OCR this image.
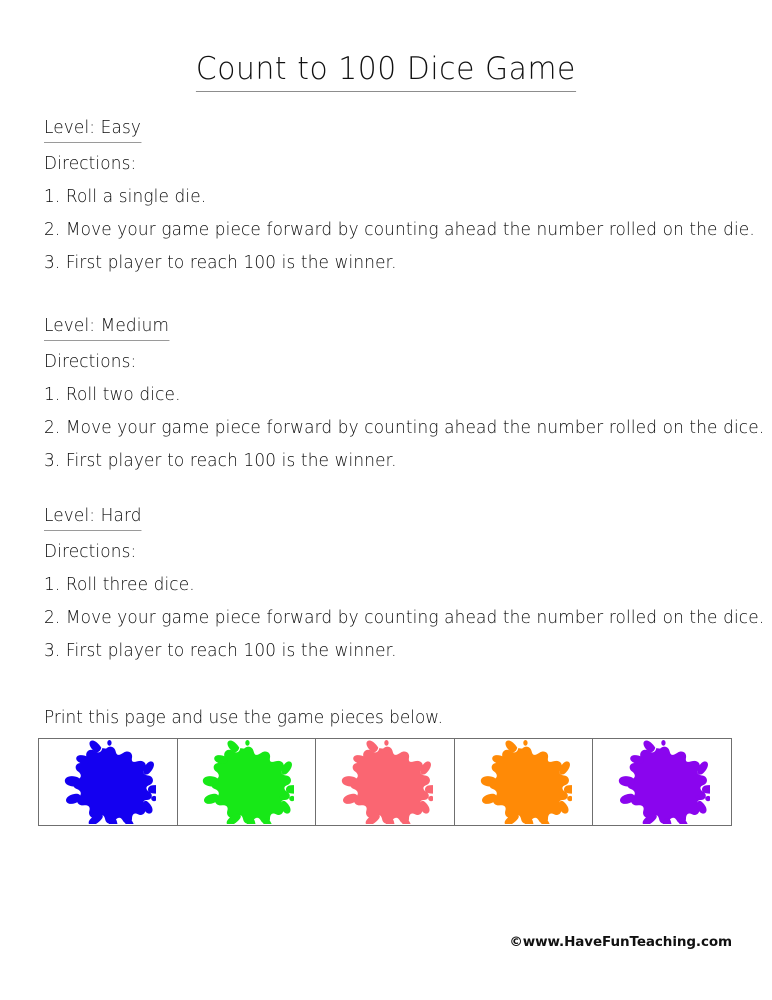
Count to 100 Dice Game
Level: Easy
Directions:
1. Roll a single die.
2. Move your game piece forward by counting ahead the number rolled on the die.
3. First player to reach 100 is the winner.
Level: Medium
Directions:
1. Roll two dice.
2. Move your game piece forward by counting ahead the number rolled on the dice.
3. First player to reach 100 is the winner.
Level: Hard
Directions:
1. Roll three dice.
2. Move your game piece forward by counting ahead the number rolled on the dice.
3. First player to reach 100 is the winner.
Print this page and use the game pieces below.
©www.HaveFunTeaching.com
